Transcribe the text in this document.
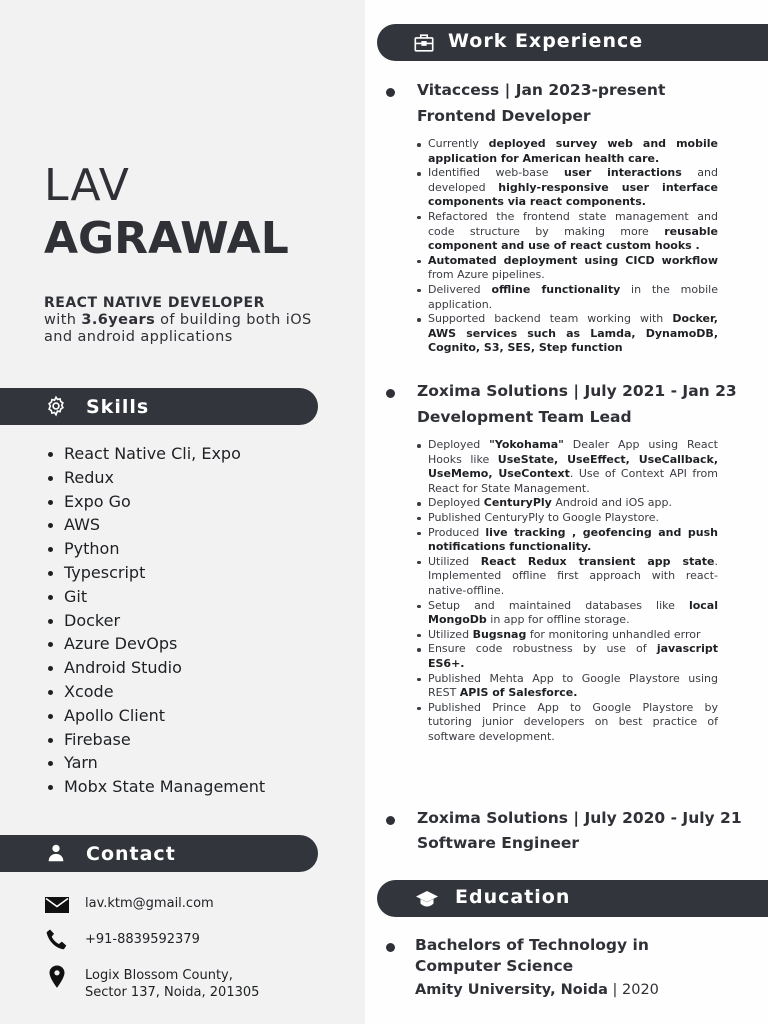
LAV
AGRAWAL
REACT NATIVE DEVELOPER
with 3.6years of building both iOS and android applications
Skills
React Native Cli, Expo
Redux
Expo Go
AWS
Python
Typescript
Git
Docker
Azure DevOps
Android Studio
Xcode
Apollo Client
Firebase
Yarn
Mobx State Management
Contact
lav.ktm@gmail.com
+91-8839592379
Logix Blossom County,
Sector 137, Noida, 201305
Work Experience
Vitaccess | Jan 2023-present
Frontend Developer
Currently deployed survey web and mobile application for American health care.
Identified web-base user interactions and developed highly-responsive user interface components via react components.
Refactored the frontend state management and code structure by making more reusable component and use of react custom hooks .
Automated deployment using CICD workflow from Azure pipelines.
Delivered offline functionality in the mobile application.
Supported backend team working with Docker, AWS services such as Lamda, DynamoDB, Cognito, S3, SES, Step function
Zoxima Solutions | July 2021 - Jan 23
Development Team Lead
Deployed "Yokohama" Dealer App using React Hooks like UseState, UseEffect, UseCallback, UseMemo, UseContext. Use of Context API from React for State Management.
Deployed CenturyPly Android and iOS app.
Published CenturyPly to Google Playstore.
Produced live tracking , geofencing and push notifications functionality.
Utilized React Redux transient app state. Implemented offline first approach with react-native-offline.
Setup and maintained databases like local MongoDb in app for offline storage.
Utilized Bugsnag for monitoring unhandled error
Ensure code robustness by use of javascript ES6+.
Published Mehta App to Google Playstore using REST APIS of Salesforce.
Published Prince App to Google Playstore by tutoring junior developers on best practice of software development.
Zoxima Solutions | July 2020 - July 21
Software Engineer
Education
Bachelors of Technology in Computer Science
Amity University, Noida | 2020
